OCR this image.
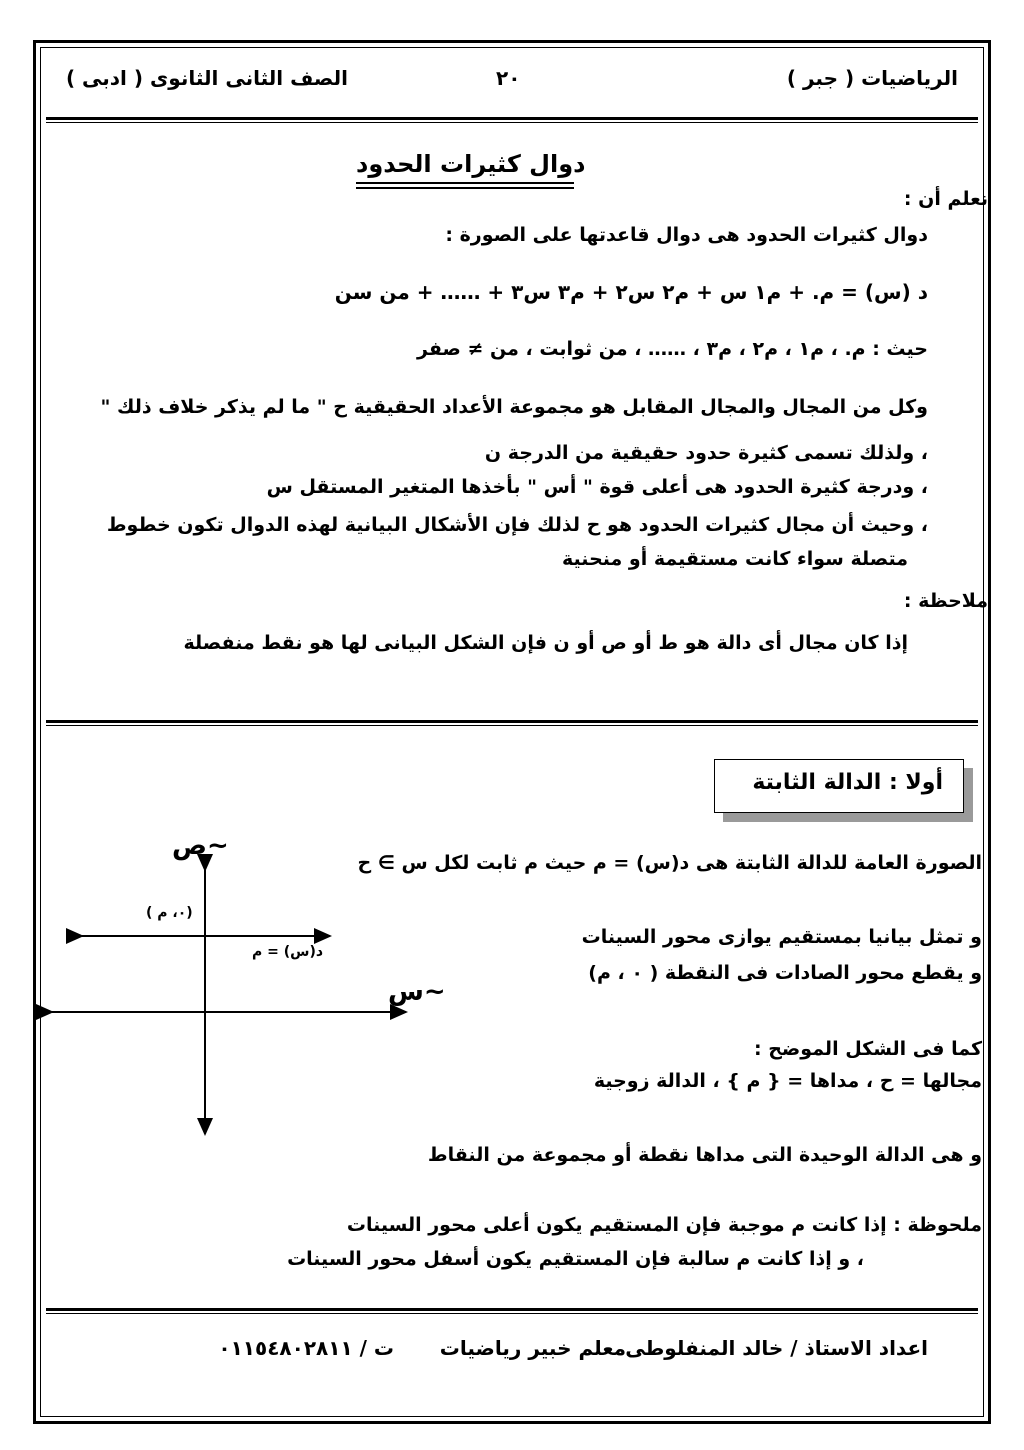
الرياضيات ( جبر )
٢٠
الصف الثانى الثانوى ( ادبى )
دوال كثيرات الحدود
نعلم أن :
دوال كثيرات الحدود هى دوال قاعدتها على الصورة :
د (س) = م. + م١ س + م٢ س٢ + م٣ س٣ + ‥‥‥ + من سن
حيث : م. ، م١ ، م٢ ، م٣ ، ‥‥‥ ، من ثوابت ، من ≠ صفر
وكل من المجال والمجال المقابل هو مجموعة الأعداد الحقيقية ح " ما لم يذكر خلاف ذلك "
، ولذلك تسمى كثيرة حدود حقيقية من الدرجة ن
، ودرجة كثيرة الحدود هى أعلى قوة " أس " بأخذها المتغير المستقل س
، وحيث أن مجال كثيرات الحدود هو ح لذلك فإن الأشكال البيانية لهذه الدوال تكون خطوط
متصلة سواء كانت مستقيمة أو منحنية
ملاحظة :
إذا كان مجال أى دالة هو ط أو ص أو ن فإن الشكل البيانى لها هو نقط منفصلة
أولا : الدالة الثابتة
الصورة العامة للدالة الثابتة هى د(س) = م حيث م ثابت لكل س ∋ ح
و تمثل بيانيا بمستقيم يوازى محور السينات
و يقطع محور الصادات فى النقطة ( ٠ ، م)
كما فى الشكل الموضح :
مجالها = ح ، مداها = { م } ، الدالة زوجية
و هى الدالة الوحيدة التى مداها نقطة أو مجموعة من النقاط
ملحوظة : إذا كانت م موجبة فإن المستقيم يكون أعلى محور السينات
، و إذا كانت م سالبة فإن المستقيم يكون أسفل محور السينات
ص~
س~
( ٠، م)
د(س) = م
اعداد الاستاذ / خالد المنفلوطى
معلم خبير رياضيات
ت / ٠١١٥٤٨٠٢٨١١
